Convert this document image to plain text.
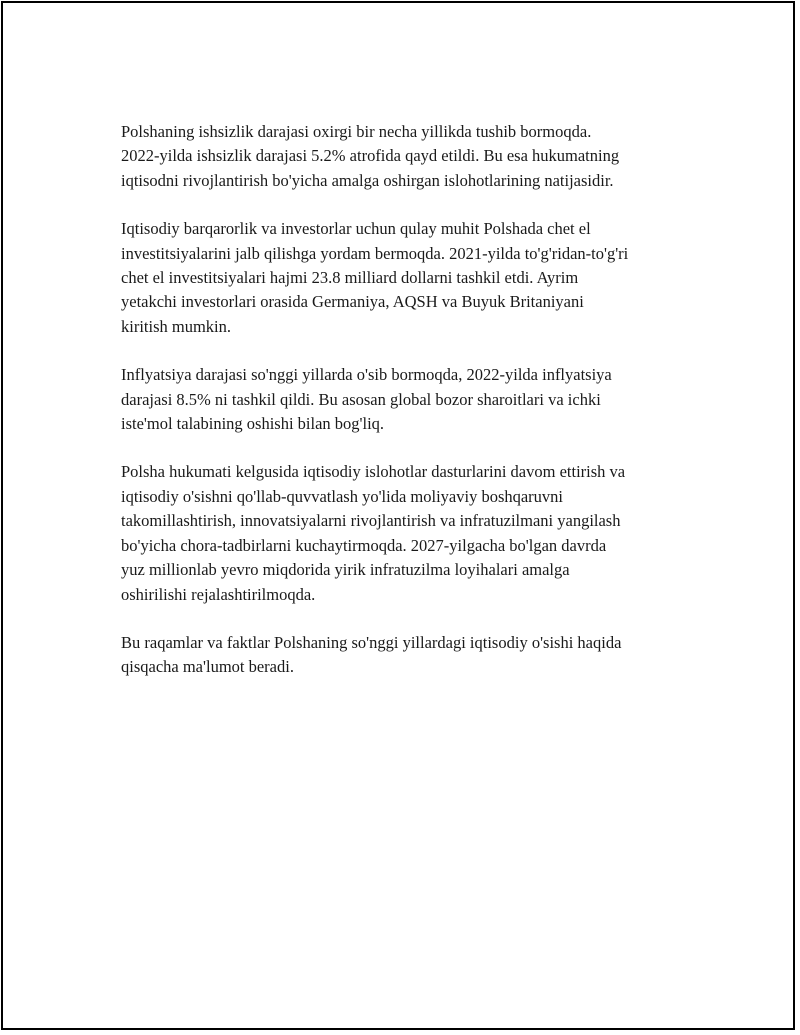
Polshaning ishsizlik darajasi oxirgi bir necha yillikda tushib bormoqda.
2022-yilda ishsizlik darajasi 5.2% atrofida qayd etildi. Bu esa hukumatning
iqtisodni rivojlantirish bo'yicha amalga oshirgan islohotlarining natijasidir.

Iqtisodiy barqarorlik va investorlar uchun qulay muhit Polshada chet el
investitsiyalarini jalb qilishga yordam bermoqda. 2021-yilda to'g'ridan-to'g'ri
chet el investitsiyalari hajmi 23.8 milliard dollarni tashkil etdi. Ayrim
yetakchi investorlari orasida Germaniya, AQSH va Buyuk Britaniyani
kiritish mumkin.

Inflyatsiya darajasi so'nggi yillarda o'sib bormoqda, 2022-yilda inflyatsiya
darajasi 8.5% ni tashkil qildi. Bu asosan global bozor sharoitlari va ichki
iste'mol talabining oshishi bilan bog'liq.

Polsha hukumati kelgusida iqtisodiy islohotlar dasturlarini davom ettirish va
iqtisodiy o'sishni qo'llab-quvvatlash yo'lida moliyaviy boshqaruvni
takomillashtirish, innovatsiyalarni rivojlantirish va infratuzilmani yangilash
bo'yicha chora-tadbirlarni kuchaytirmoqda. 2027-yilgacha bo'lgan davrda
yuz millionlab yevro miqdorida yirik infratuzilma loyihalari amalga
oshirilishi rejalashtirilmoqda.

Bu raqamlar va faktlar Polshaning so'nggi yillardagi iqtisodiy o'sishi haqida
qisqacha ma'lumot beradi.
